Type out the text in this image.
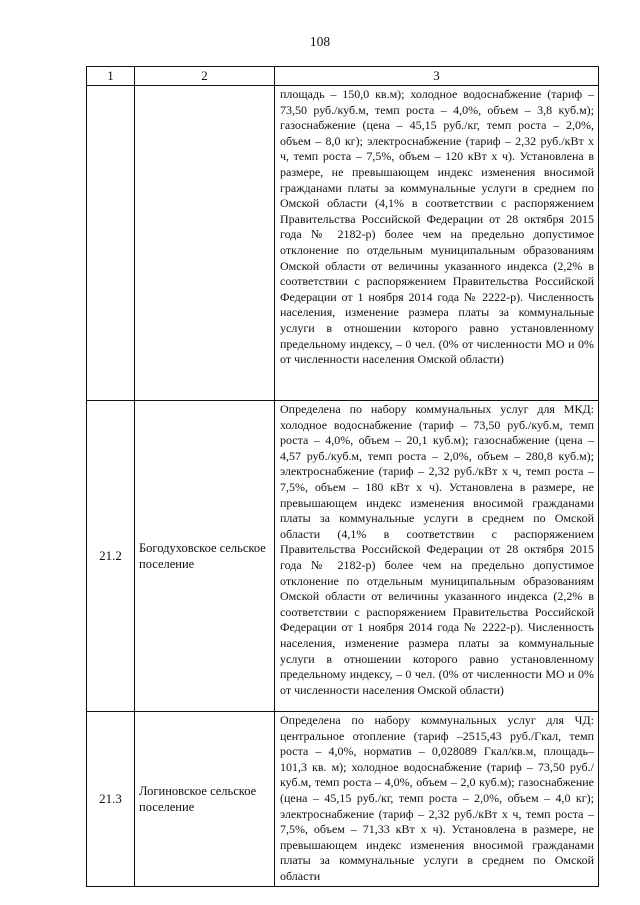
108
1	2	3

		площадь – 150,0 кв.м); холодное водоснабжение (тариф – 73,50 руб./куб.м, темп роста – 4,0%, объем – 3,8 куб.м); газоснабжение (цена – 45,15 руб./кг, темп роста – 2,0%, объем – 8,0 кг); электроснабжение (тариф – 2,32 руб./кВт х ч, темп роста – 7,5%, объем – 120 кВт х ч). Установлена в размере, не превышающем индекс изменения вносимой гражданами платы за коммунальные услуги в среднем по Омской области (4,1% в соответствии с распоряжением Правительства Российской Федерации от 28 октября 2015 года № 2182-р) более чем на предельно допустимое отклонение по отдельным муниципальным образованиям Омской области от величины указанного индекса (2,2% в соответствии с распоряжением Правительства Российской Федерации от 1 ноября 2014 года № 2222-р). Численность населения, изменение размера платы за коммунальные услуги в отношении которого равно установленному предельному индексу, – 0 чел. (0% от численности МО и 0% от численности населения Омской области)

21.2	Богодуховское сельское поселение	Определена по набору коммунальных услуг для МКД: холодное водоснабжение (тариф – 73,50 руб./куб.м, темп роста – 4,0%, объем – 20,1 куб.м); газоснабжение (цена – 4,57 руб./куб.м, темп роста – 2,0%, объем – 280,8 куб.м); электроснабжение (тариф – 2,32 руб./кВт х ч, темп роста – 7,5%, объем – 180 кВт х ч). Установлена в размере, не превышающем индекс изменения вносимой гражданами платы за коммунальные услуги в среднем по Омской области (4,1% в соответствии с распоряжением Правительства Российской Федерации от 28 октября 2015 года № 2182-р) более чем на предельно допустимое отклонение по отдельным муниципальным образованиям Омской области от величины указанного индекса (2,2% в соответствии с распоряжением Правительства Российской Федерации от 1 ноября 2014 года № 2222-р). Численность населения, изменение размера платы за коммунальные услуги в отношении которого равно установленному предельному индексу, – 0 чел. (0% от численности МО и 0% от численности населения Омской области)

21.3	Логиновское сельское поселение	Определена по набору коммунальных услуг для ЧД: центральное отопление (тариф –2515,43 руб./Гкал, темп роста – 4,0%, норматив – 0,028089 Гкал/кв.м, площадь– 101,3 кв. м); холодное водоснабжение (тариф – 73,50 руб./куб.м, темп роста – 4,0%, объем – 2,0 куб.м); газоснабжение (цена – 45,15 руб./кг, темп роста – 2,0%, объем – 4,0 кг); электроснабжение (тариф – 2,32 руб./кВт х ч, темп роста – 7,5%, объем – 71,33 кВт х ч). Установлена в размере, не превышающем индекс изменения вносимой гражданами платы за коммунальные услуги в среднем по Омской области
